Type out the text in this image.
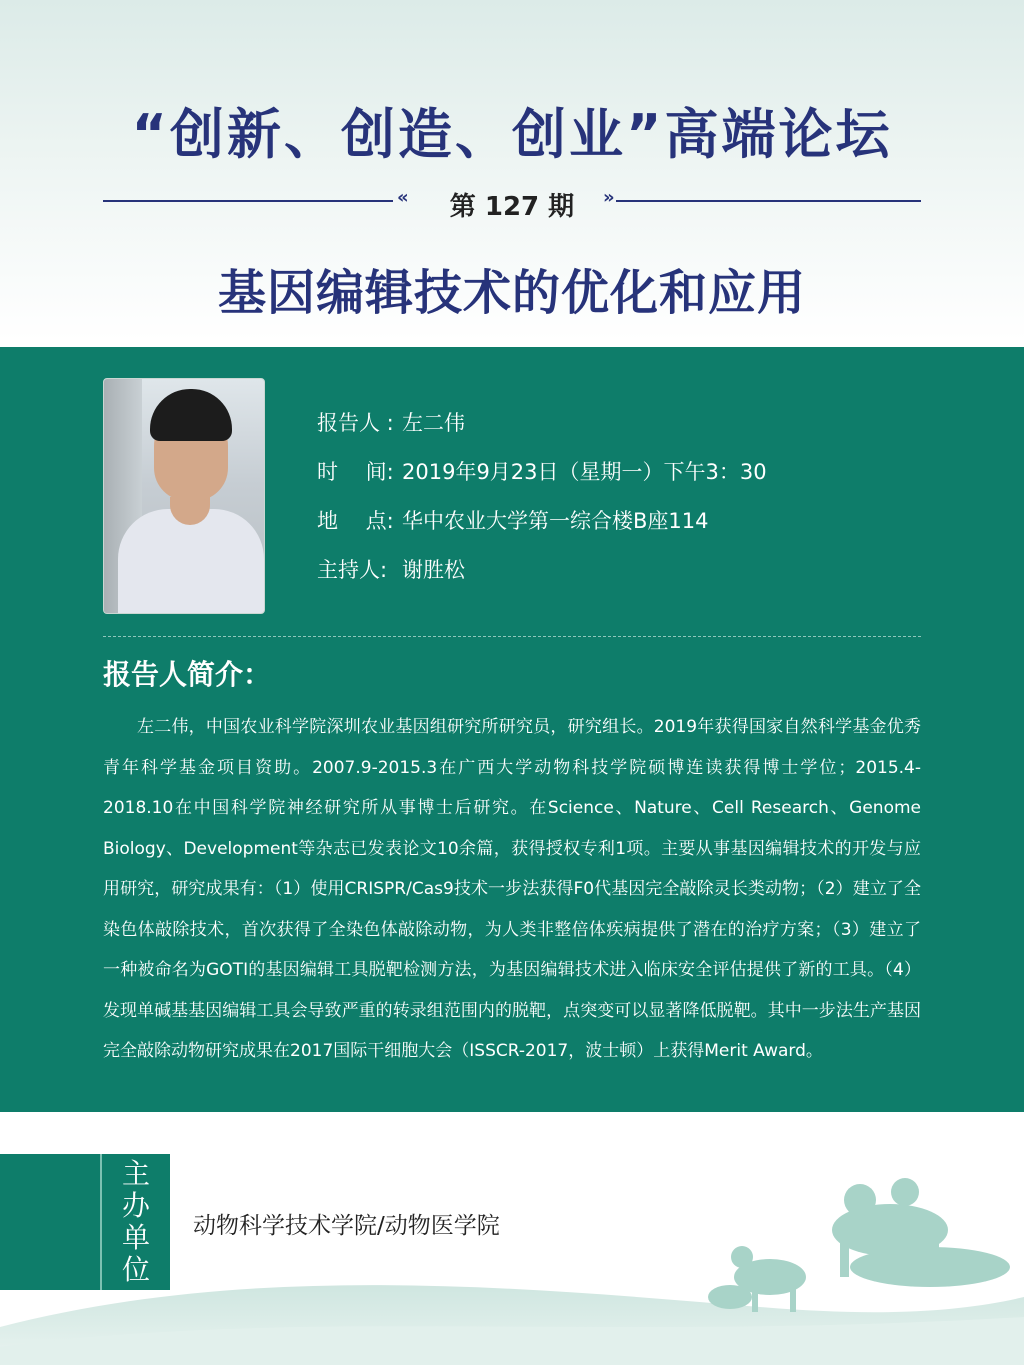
“创新、创造、创业”高端论坛
«	第 127 期	»
基因编辑技术的优化和应用
报告人 : 左二伟
时　 间: 2019年9月23日（星期一）下午3：30
地　 点: 华中农业大学第一综合楼B座114
主持人: 谢胜松
报告人简介：

左二伟，中国农业科学院深圳农业基因组研究所研究员，研究组长。2019年获得国家自然科学基金优秀青年科学基金项目资助。2007.9-2015.3在广西大学动物科技学院硕博连读获得博士学位；2015.4-2018.10在中国科学院神经研究所从事博士后研究。在Science、Nature、Cell Research、Genome Biology、Development等杂志已发表论文10余篇，获得授权专利1项。主要从事基因编辑技术的开发与应用研究，研究成果有：（1）使用CRISPR/Cas9技术一步法获得F0代基因完全敲除灵长类动物；（2）建立了全染色体敲除技术，首次获得了全染色体敲除动物，为人类非整倍体疾病提供了潜在的治疗方案；（3）建立了一种被命名为GOTI的基因编辑工具脱靶检测方法，为基因编辑技术进入临床安全评估提供了新的工具。（4）发现单碱基基因编辑工具会导致严重的转录组范围内的脱靶，点突变可以显著降低脱靶。其中一步法生产基因完全敲除动物研究成果在2017国际干细胞大会（ISSCR-2017，波士顿）上获得Merit Award。

主
办
单
位
动物科学技术学院/动物医学院
